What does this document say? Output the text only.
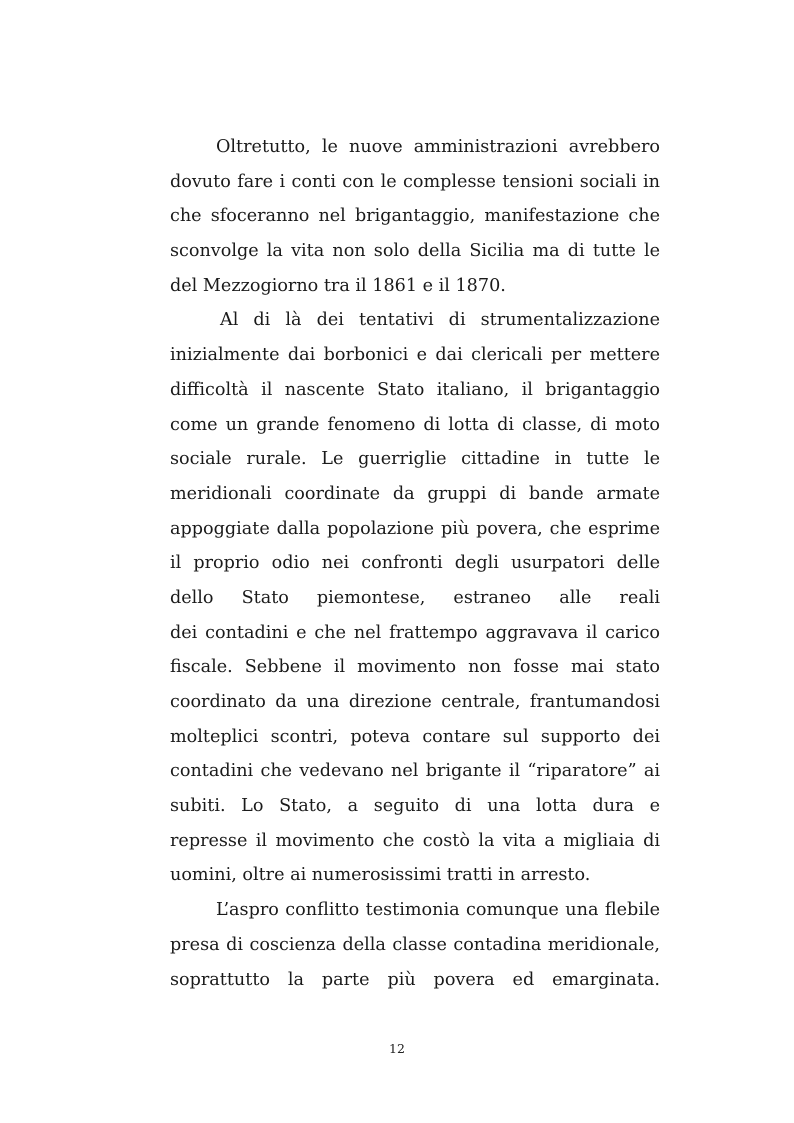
Oltretutto, le nuove amministrazioni avrebbero
dovuto fare i conti con le complesse tensioni sociali in
che sfoceranno nel brigantaggio, manifestazione che
sconvolge la vita non solo della Sicilia ma di tutte le
del Mezzogiorno tra il 1861 e il 1870.
Al di là dei tentativi di strumentalizzazione
inizialmente dai borbonici e dai clericali per mettere
difficoltà il nascente Stato italiano, il brigantaggio
come un grande fenomeno di lotta di classe, di moto
sociale rurale. Le guerriglie cittadine in tutte le
meridionali coordinate da gruppi di bande armate
appoggiate dalla popolazione più povera, che esprime
il proprio odio nei confronti degli usurpatori delle
dello Stato piemontese, estraneo alle reali
dei contadini e che nel frattempo aggravava il carico
fiscale. Sebbene il movimento non fosse mai stato
coordinato da una direzione centrale, frantumandosi
molteplici scontri, poteva contare sul supporto dei
contadini che vedevano nel brigante il “riparatore” ai
subiti. Lo Stato, a seguito di una lotta dura e
represse il movimento che costò la vita a migliaia di
uomini, oltre ai numerosissimi tratti in arresto.
L’aspro conflitto testimonia comunque una flebile
presa di coscienza della classe contadina meridionale,
soprattutto la parte più povera ed emarginata.
12
